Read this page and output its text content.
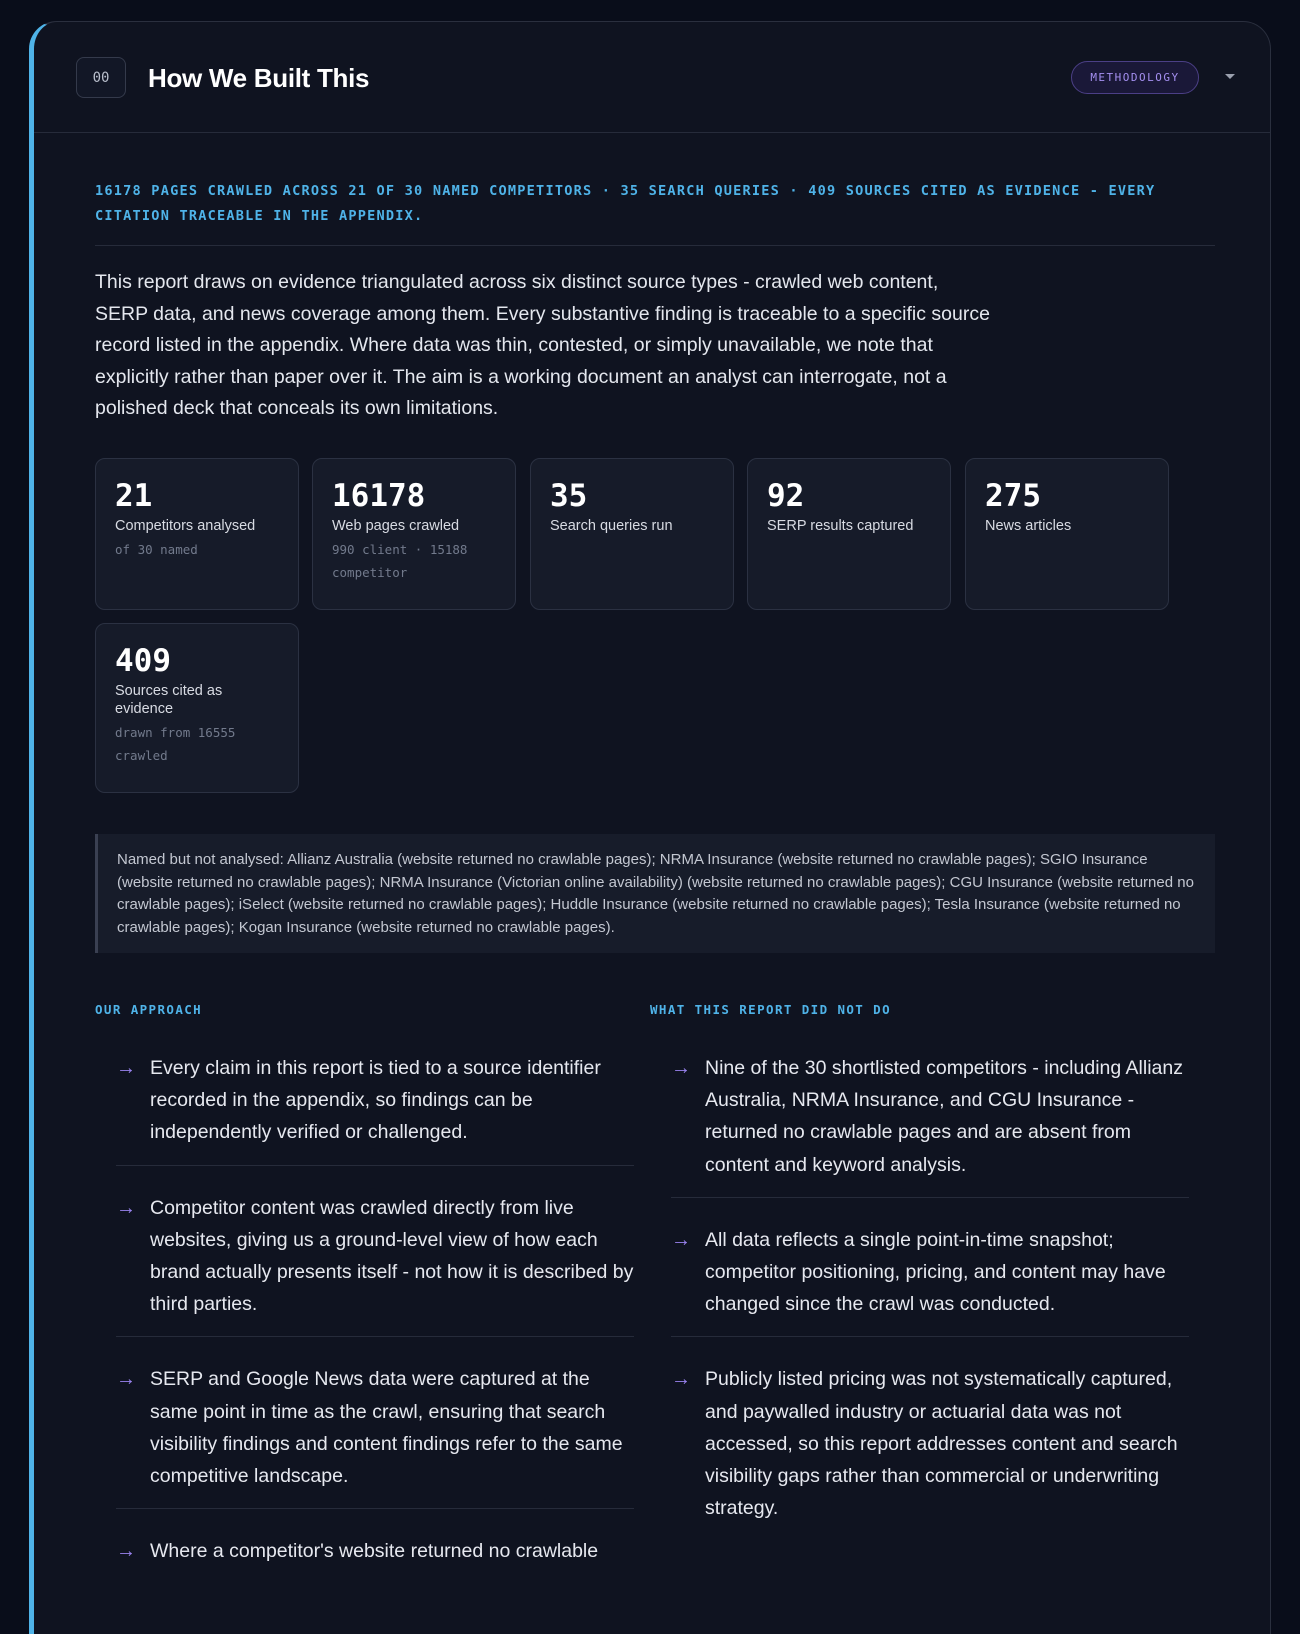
00	How We Built This	METHODOLOGY
16178 PAGES CRAWLED ACROSS 21 OF 30 NAMED COMPETITORS · 35 SEARCH QUERIES · 409 SOURCES CITED AS EVIDENCE - EVERY CITATION TRACEABLE IN THE APPENDIX.
This report draws on evidence triangulated across six distinct source types - crawled web content, SERP data, and news coverage among them. Every substantive finding is traceable to a specific source record listed in the appendix. Where data was thin, contested, or simply unavailable, we note that explicitly rather than paper over it. The aim is a working document an analyst can interrogate, not a polished deck that conceals its own limitations.
21
Competitors analysed
of 30 named
16178
Web pages crawled
990 client · 15188 competitor
35
Search queries run
92
SERP results captured
275
News articles
409
Sources cited as evidence
drawn from 16555 crawled
Named but not analysed: Allianz Australia (website returned no crawlable pages); NRMA Insurance (website returned no crawlable pages); SGIO Insurance (website returned no crawlable pages); NRMA Insurance (Victorian online availability) (website returned no crawlable pages); CGU Insurance (website returned no crawlable pages); iSelect (website returned no crawlable pages); Huddle Insurance (website returned no crawlable pages); Tesla Insurance (website returned no crawlable pages); Kogan Insurance (website returned no crawlable pages).
OUR APPROACH	WHAT THIS REPORT DID NOT DO
→ Every claim in this report is tied to a source identifier recorded in the appendix, so findings can be independently verified or challenged.
→ Competitor content was crawled directly from live websites, giving us a ground-level view of how each brand actually presents itself - not how it is described by third parties.
→ SERP and Google News data were captured at the same point in time as the crawl, ensuring that search visibility findings and content findings refer to the same competitive landscape.
→ Where a competitor's website returned no crawlable
→ Nine of the 30 shortlisted competitors - including Allianz Australia, NRMA Insurance, and CGU Insurance - returned no crawlable pages and are absent from content and keyword analysis.
→ All data reflects a single point-in-time snapshot; competitor positioning, pricing, and content may have changed since the crawl was conducted.
→ Publicly listed pricing was not systematically captured, and paywalled industry or actuarial data was not accessed, so this report addresses content and search visibility gaps rather than commercial or underwriting strategy.
